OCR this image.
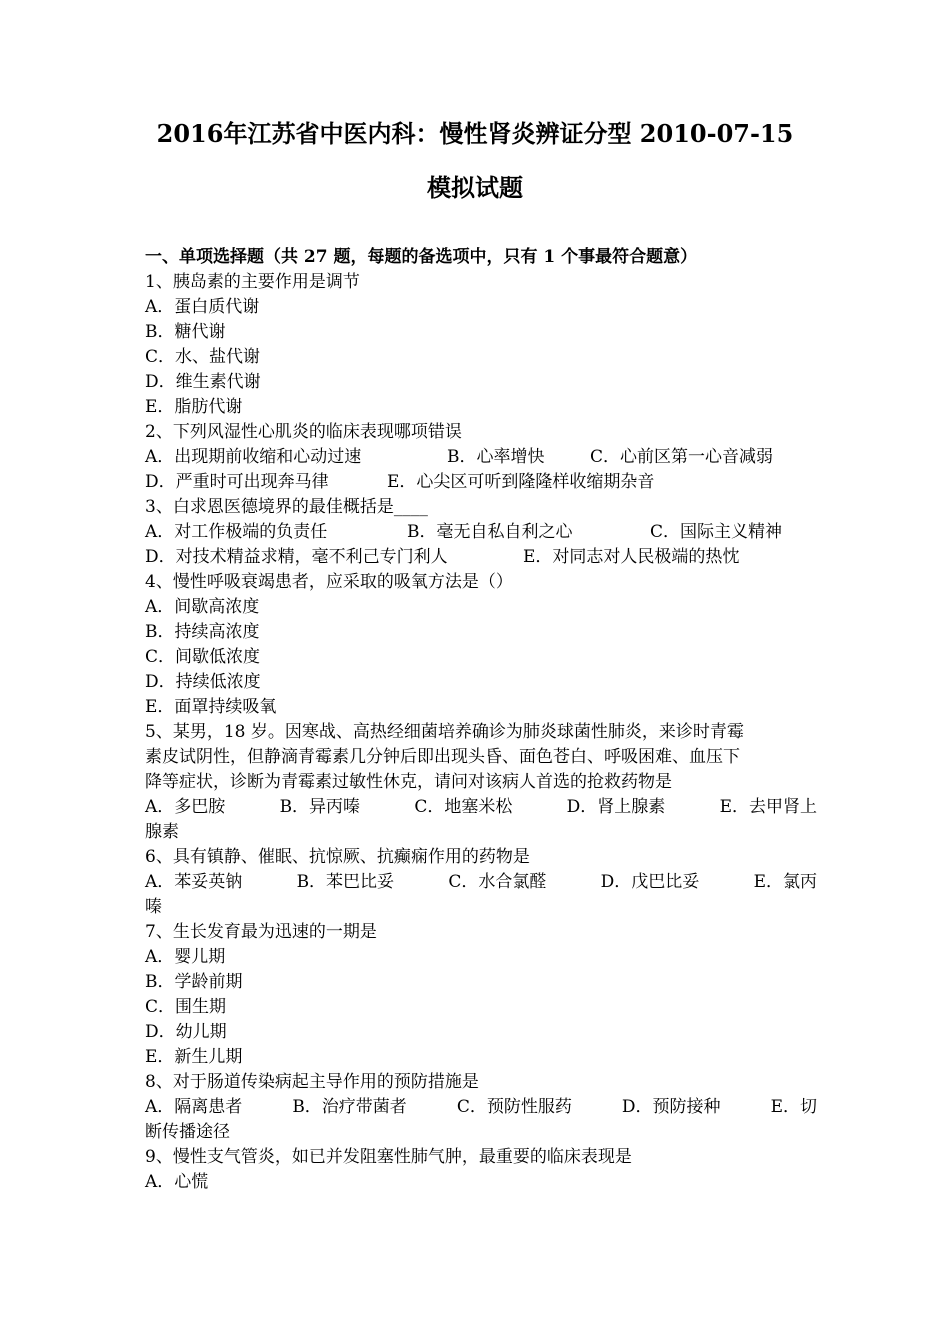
2016年江苏省中医内科：慢性肾炎辨证分型 2010-07-15
模拟试题
一、单项选择题（共 27 题，每题的备选项中，只有 1 个事最符合题意）
1、胰岛素的主要作用是调节
A．蛋白质代谢
B．糖代谢
C．水、盐代谢
D．维生素代谢
E．脂肪代谢
2、下列风湿性心肌炎的临床表现哪项错误
A．出现期前收缩和心动过速	B．心率增快	C．心前区第一心音减弱
D．严重时可出现奔马律	E．心尖区可听到隆隆样收缩期杂音
3、白求恩医德境界的最佳概括是____
A．对工作极端的负责任	B．毫无自私自利之心	C．国际主义精神
D．对技术精益求精，毫不利己专门利人	E．对同志对人民极端的热忱
4、慢性呼吸衰竭患者，应采取的吸氧方法是（）
A．间歇高浓度
B．持续高浓度
C．间歇低浓度
D．持续低浓度
E．面罩持续吸氧
5、某男，18 岁。因寒战、高热经细菌培养确诊为肺炎球菌性肺炎，来诊时青霉
素皮试阴性，但静滴青霉素几分钟后即出现头昏、面色苍白、呼吸困难、血压下
降等症状，诊断为青霉素过敏性休克，请问对该病人首选的抢救药物是
A．多巴胺	B．异丙嗪	C．地塞米松	D．肾上腺素	E．去甲肾上
腺素
6、具有镇静、催眠、抗惊厥、抗癫痫作用的药物是
A．苯妥英钠	B．苯巴比妥	C．水合氯醛	D．戊巴比妥	E．氯丙
嗪
7、生长发育最为迅速的一期是
A．婴儿期
B．学龄前期
C．围生期
D．幼儿期
E．新生儿期
8、对于肠道传染病起主导作用的预防措施是
A．隔离患者	B．治疗带菌者	C．预防性服药	D．预防接种	E．切
断传播途径
9、慢性支气管炎，如已并发阻塞性肺气肿，最重要的临床表现是
A．心慌
